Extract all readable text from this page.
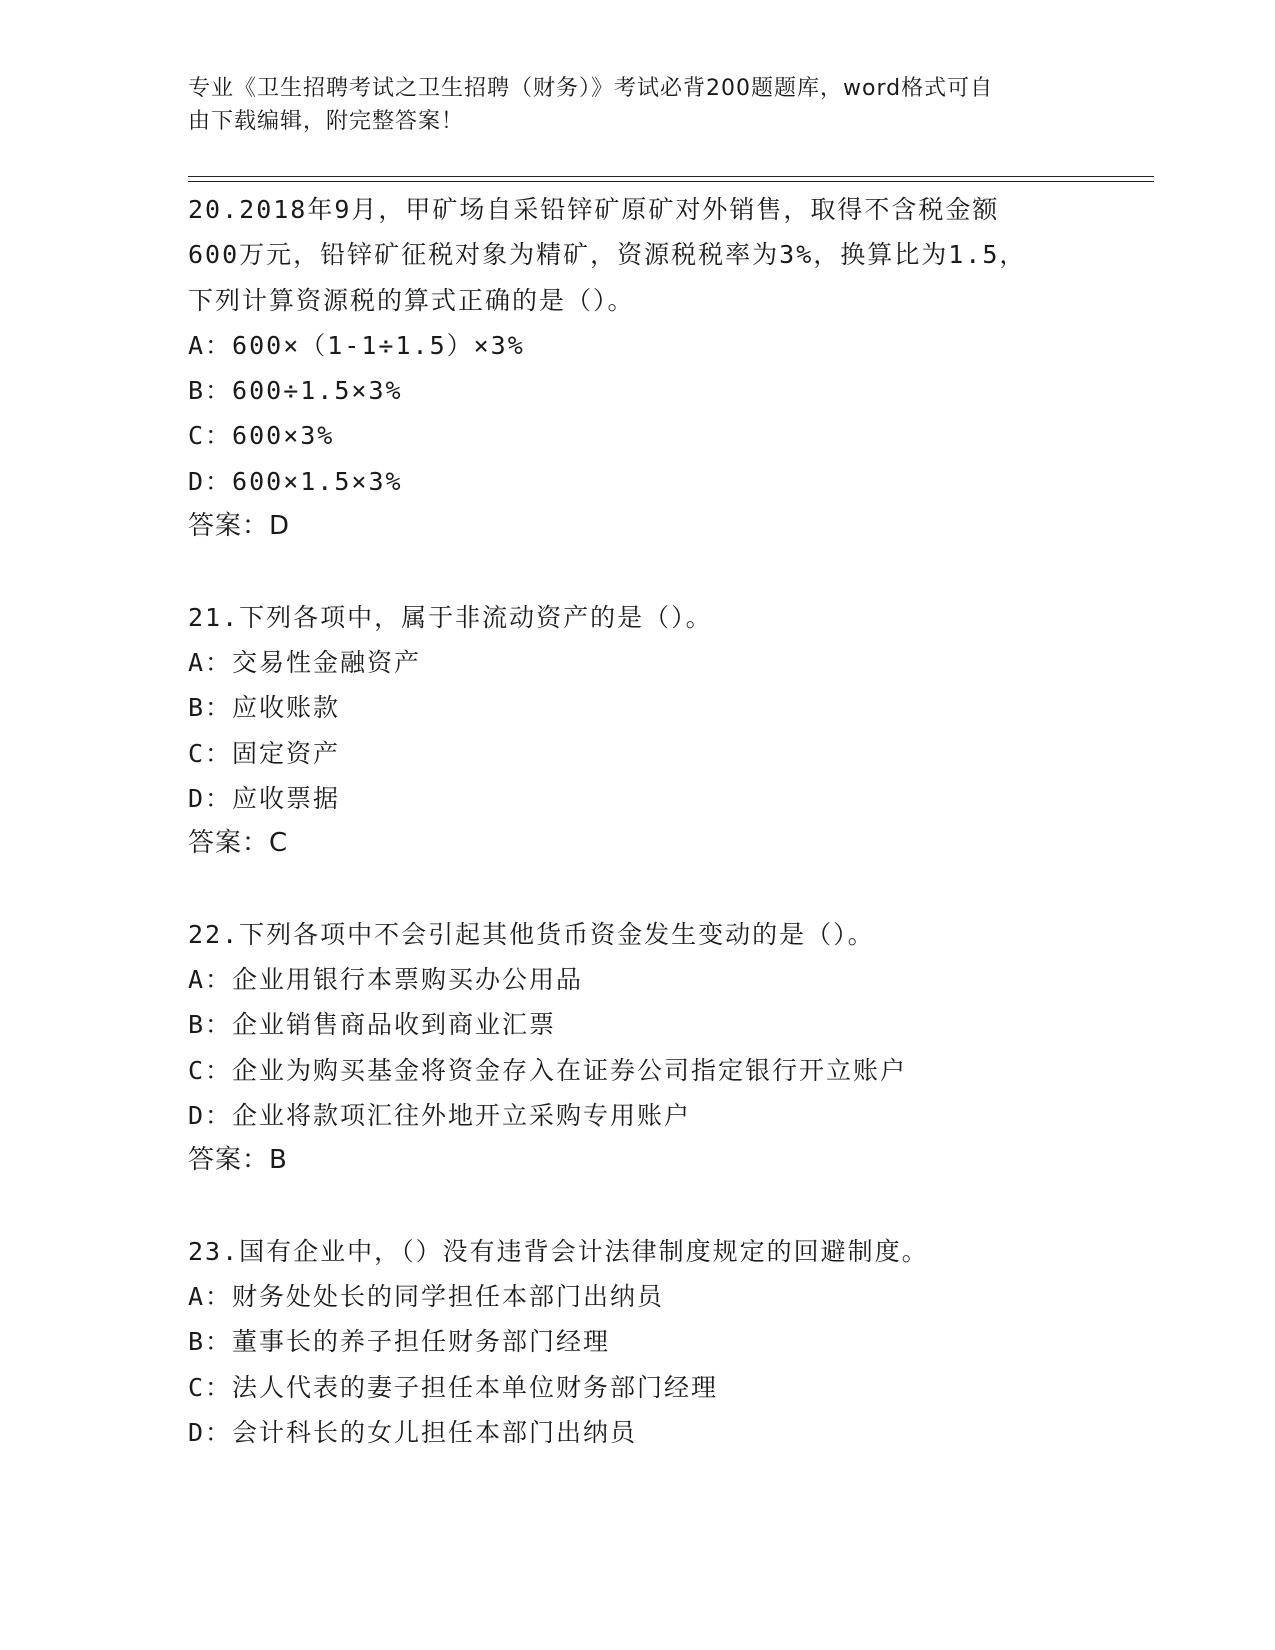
专业《卫生招聘考试之卫生招聘（财务）》考试必背200题题库，word格式可自
由下载编辑，附完整答案！
20.2018年9月，甲矿场自采铅锌矿原矿对外销售，取得不含税金额
600万元，铅锌矿征税对象为精矿，资源税税率为3%，换算比为1.5，
下列计算资源税的算式正确的是（）。
A：600×（1-1÷1.5）×3%
B：600÷1.5×3%
C：600×3%
D：600×1.5×3%
答案：D
21.下列各项中，属于非流动资产的是（）。
A：交易性金融资产
B：应收账款
C：固定资产
D：应收票据
答案：C
22.下列各项中不会引起其他货币资金发生变动的是（）。
A：企业用银行本票购买办公用品
B：企业销售商品收到商业汇票
C：企业为购买基金将资金存入在证券公司指定银行开立账户
D：企业将款项汇往外地开立采购专用账户
答案：B
23.国有企业中，（）没有违背会计法律制度规定的回避制度。
A：财务处处长的同学担任本部门出纳员
B：董事长的养子担任财务部门经理
C：法人代表的妻子担任本单位财务部门经理
D：会计科长的女儿担任本部门出纳员
